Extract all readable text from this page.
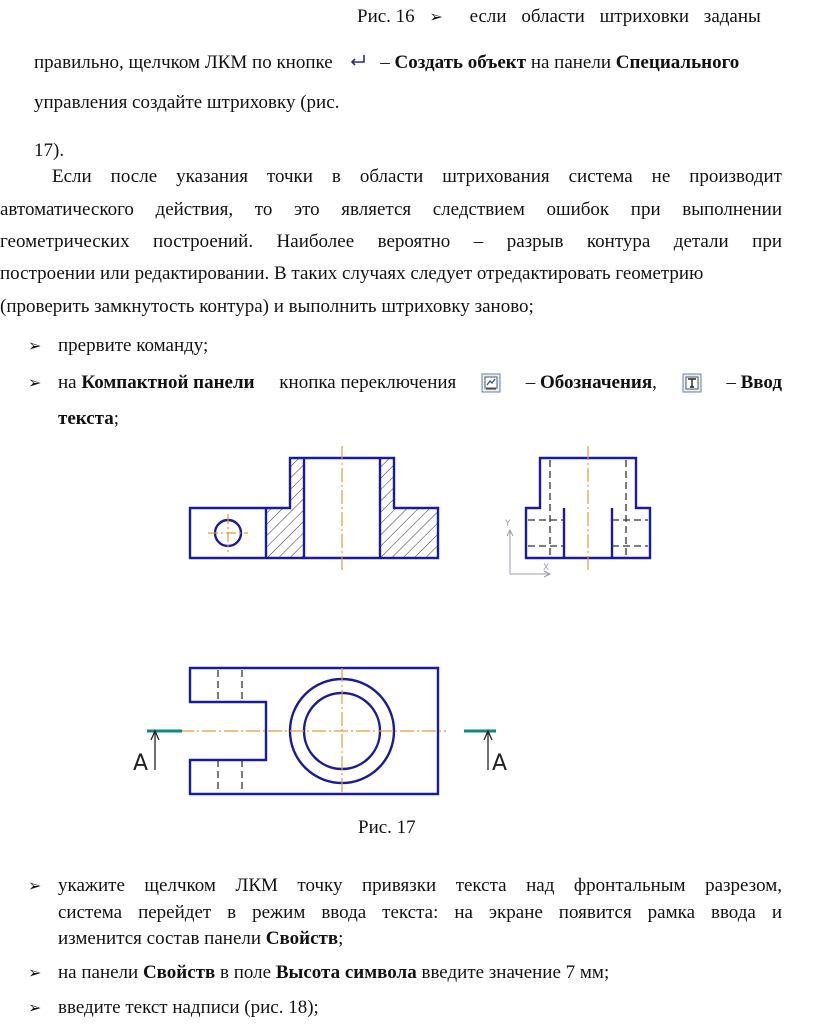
Рис. 16 ➢ если области штриховки заданы
правильно, щелчком ЛКМ по кнопке	– Создать объект на панели Специального
управления создайте штриховку (рис.
17).
Если после указания точки в области штрихования система не производит
автоматического действия, то это является следствием ошибок при выполнении
геометрических построений. Наиболее вероятно – разрыв контура детали при
построении или редактировании. В таких случаях следует отредактировать геометрию
(проверить замкнутость контура) и выполнить штриховку заново;
➢ прервите команду;
➢ на Компактной панели кнопка переключения	– Обозначения,	– Ввод
текста;
Y
X
А	А
Рис. 17
➢ укажите щелчком ЛКМ точку привязки текста над фронтальным разрезом,
система перейдет в режим ввода текста: на экране появится рамка ввода и
изменится состав панели Свойств;
➢ на панели Свойств в поле Высота символа введите значение 7 мм;
➢ введите текст надписи (рис. 18);
